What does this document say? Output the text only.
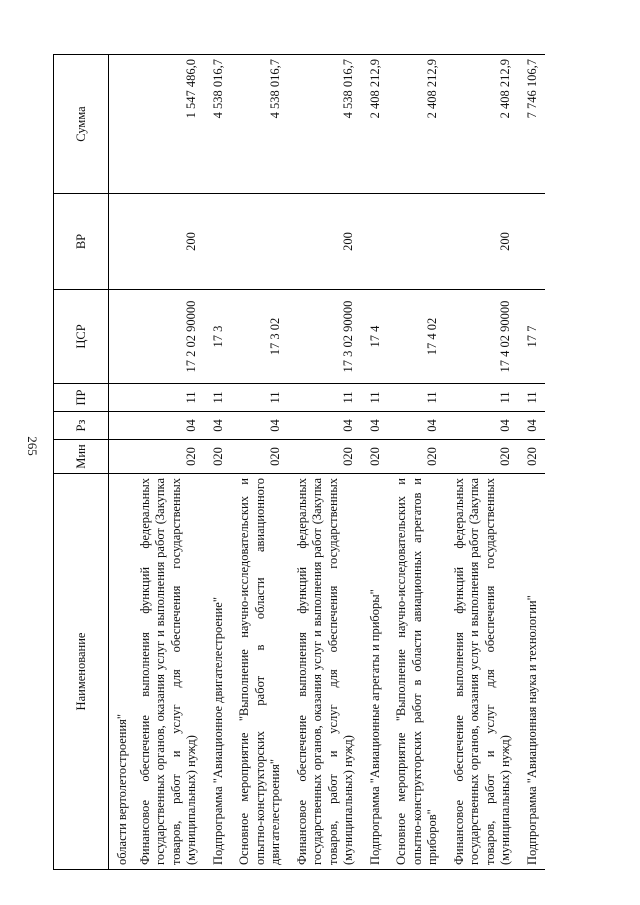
265
Наименование	Мин	Рз	ПР	ЦСР	ВР	Сумма
области вертолетостроения"						
Финансовое обеспечение выполнения функций федеральных государственных органов, оказания услуг и выполнения работ (Закупка товаров, работ и услуг для обеспечения государственных (муниципальных) нужд)	020	04	11	17 2 02 90000	200	1 547 486,0
Подпрограмма "Авиационное двигателестроение"	020	04	11	17 3		4 538 016,7
Основное мероприятие "Выполнение научно-исследовательских и опытно-конструкторских работ в области авиационного двигателестроения"	020	04	11	17 3 02		4 538 016,7
Финансовое обеспечение выполнения функций федеральных государственных органов, оказания услуг и выполнения работ (Закупка товаров, работ и услуг для обеспечения государственных (муниципальных) нужд)	020	04	11	17 3 02 90000	200	4 538 016,7
Подпрограмма "Авиационные агрегаты и приборы"	020	04	11	17 4		2 408 212,9
Основное мероприятие "Выполнение научно-исследовательских и опытно-конструкторских работ в области авиационных агрегатов и приборов"	020	04	11	17 4 02		2 408 212,9
Финансовое обеспечение выполнения функций федеральных государственных органов, оказания услуг и выполнения работ (Закупка товаров, работ и услуг для обеспечения государственных (муниципальных) нужд)	020	04	11	17 4 02 90000	200	2 408 212,9
Подпрограмма "Авиационная наука и технологии"	020	04	11	17 7		7 746 106,7
